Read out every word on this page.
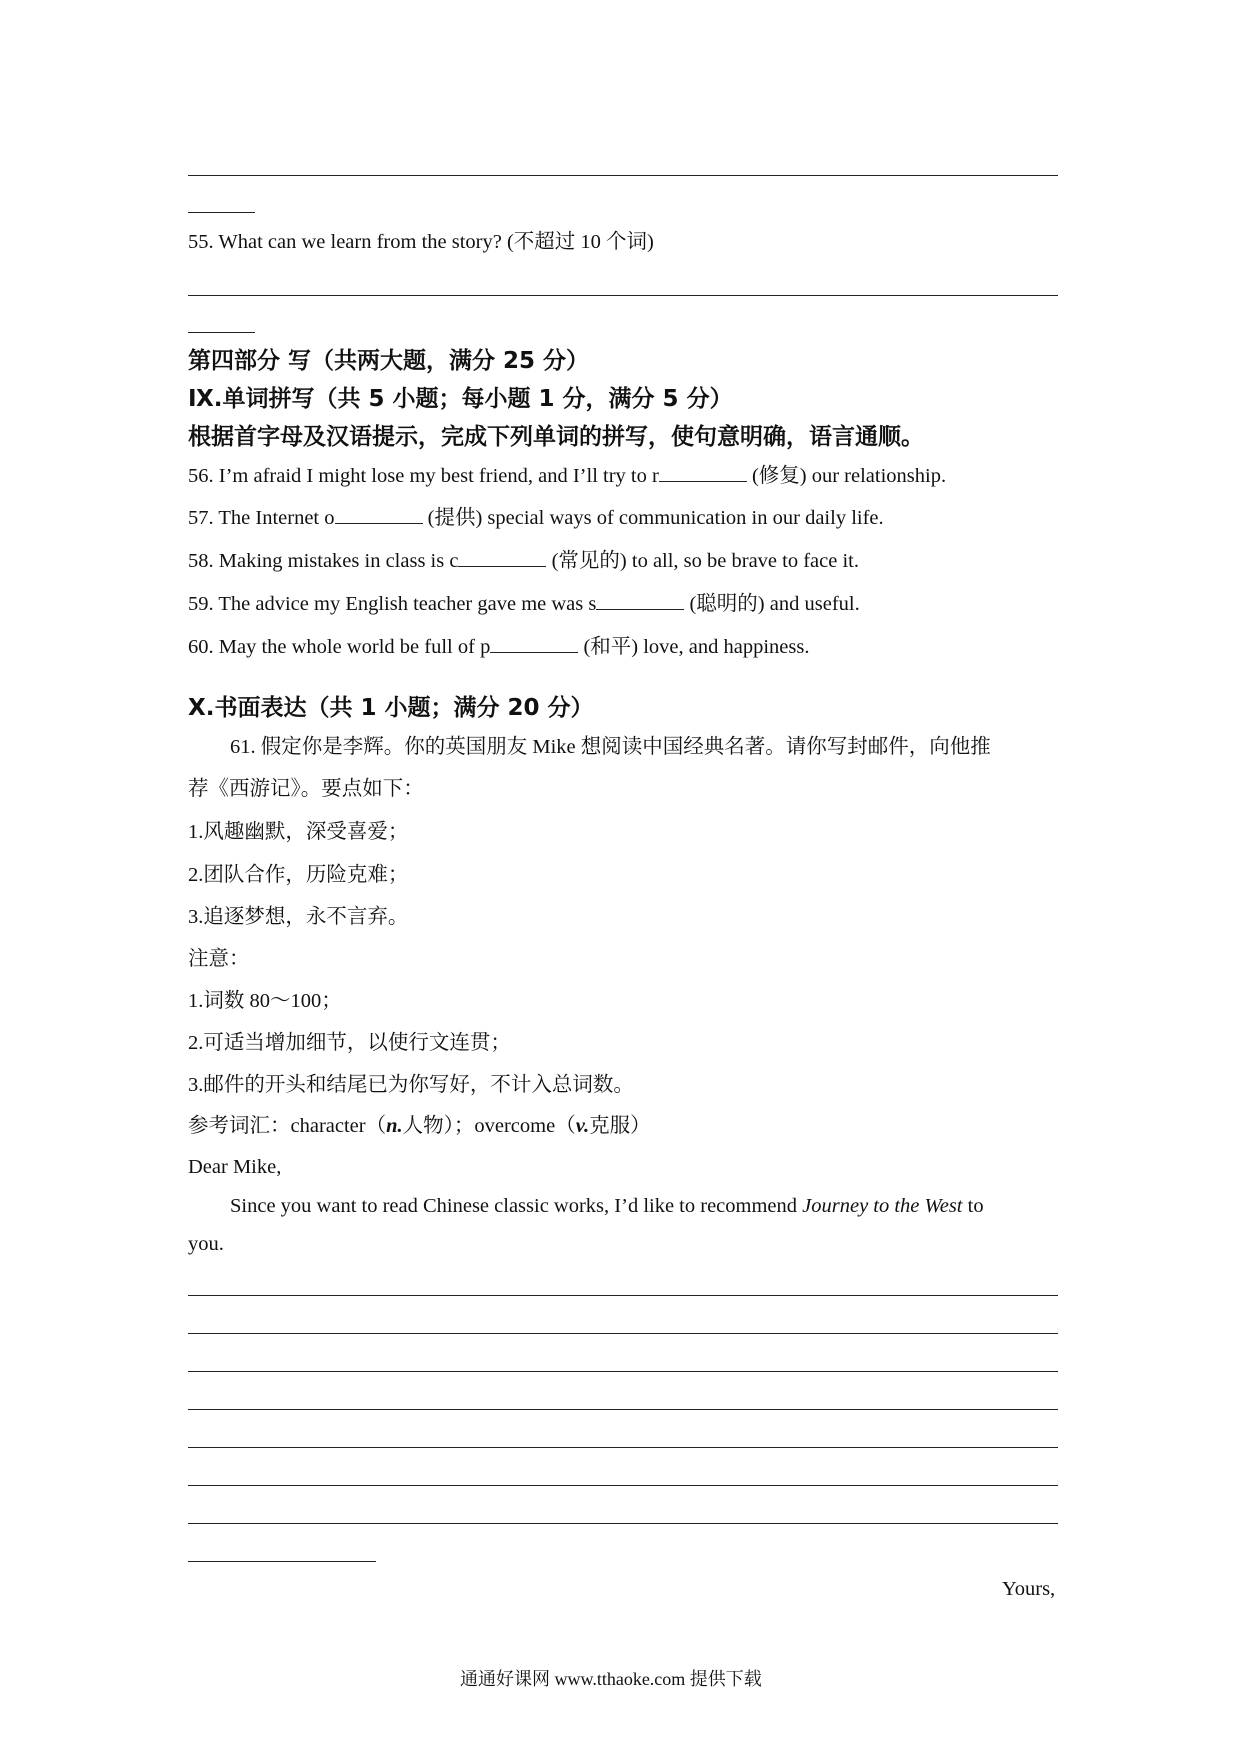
55. What can we learn from the story? (不超过 10 个词)
第四部分 写（共两大题，满分 25 分）
Ⅸ.单词拼写（共 5 小题；每小题 1 分，满分 5 分）
根据首字母及汉语提示，完成下列单词的拼写，使句意明确，语言通顺。
56. I’m afraid I might lose my best friend, and I’ll try to r	(修复) our relationship.
57. The Internet o	(提供) special ways of communication in our daily life.
58. Making mistakes in class is c	(常见的) to all, so be brave to face it.
59. The advice my English teacher gave me was s	(聪明的) and useful.
60. May the whole world be full of p	(和平) love, and happiness.
Ⅹ.书面表达（共 1 小题；满分 20 分）
61. 假定你是李辉。你的英国朋友 Mike 想阅读中国经典名著。请你写封邮件，向他推
荐《西游记》。要点如下：
1.风趣幽默，深受喜爱；
2.团队合作，历险克难；
3.追逐梦想，永不言弃。
注意：
1.词数 80～100；
2.可适当增加细节，以使行文连贯；
3.邮件的开头和结尾已为你写好，不计入总词数。
参考词汇：character（n.人物）；overcome（v.克服）
Dear Mike,
Since you want to read Chinese classic works, I’d like to recommend Journey to the West to
you.
Yours,
通通好课网 www.tthaoke.com 提供下载
